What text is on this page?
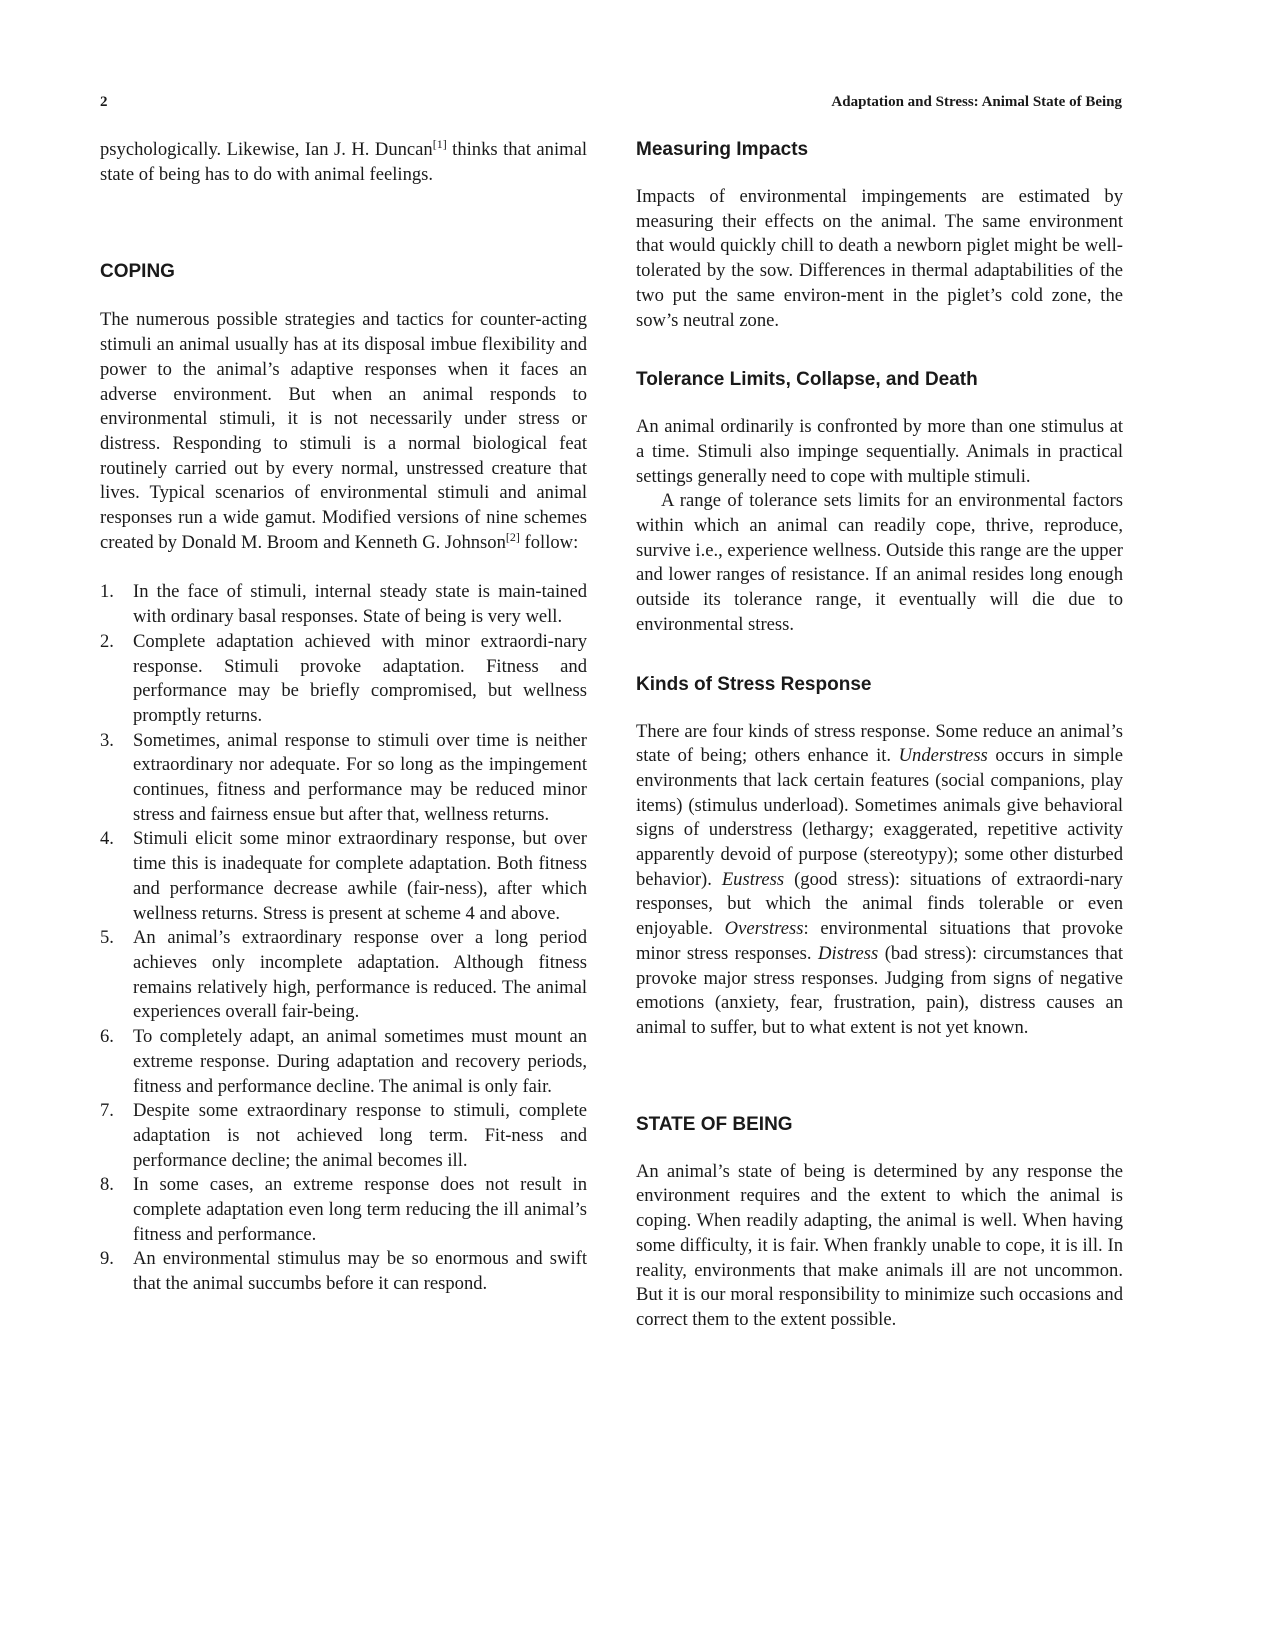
2	Adaptation and Stress: Animal State of Being

psychologically. Likewise, Ian J. H. Duncan[1] thinks that animal state of being has to do with animal feelings.

COPING

The numerous possible strategies and tactics for counter-acting stimuli an animal usually has at its disposal imbue flexibility and power to the animal’s adaptive responses when it faces an adverse environment. But when an animal responds to environmental stimuli, it is not necessarily under stress or distress. Responding to stimuli is a normal biological feat routinely carried out by every normal, unstressed creature that lives. Typical scenarios of environmental stimuli and animal responses run a wide gamut. Modified versions of nine schemes created by Donald M. Broom and Kenneth G. Johnson[2] follow:

1. In the face of stimuli, internal steady state is main-tained with ordinary basal responses. State of being is very well.
2. Complete adaptation achieved with minor extraordi-nary response. Stimuli provoke adaptation. Fitness and performance may be briefly compromised, but wellness promptly returns.
3. Sometimes, animal response to stimuli over time is neither extraordinary nor adequate. For so long as the impingement continues, fitness and performance may be reduced minor stress and fairness ensue but after that, wellness returns.
4. Stimuli elicit some minor extraordinary response, but over time this is inadequate for complete adaptation. Both fitness and performance decrease awhile (fair-ness), after which wellness returns. Stress is present at scheme 4 and above.
5. An animal’s extraordinary response over a long period achieves only incomplete adaptation. Although fitness remains relatively high, performance is reduced. The animal experiences overall fair-being.
6. To completely adapt, an animal sometimes must mount an extreme response. During adaptation and recovery periods, fitness and performance decline. The animal is only fair.
7. Despite some extraordinary response to stimuli, complete adaptation is not achieved long term. Fit-ness and performance decline; the animal becomes ill.
8. In some cases, an extreme response does not result in complete adaptation even long term reducing the ill animal’s fitness and performance.
9. An environmental stimulus may be so enormous and swift that the animal succumbs before it can respond.
Measuring Impacts

Impacts of environmental impingements are estimated by measuring their effects on the animal. The same environment that would quickly chill to death a newborn piglet might be well-tolerated by the sow. Differences in thermal adaptabilities of the two put the same environ-ment in the piglet’s cold zone, the sow’s neutral zone.

Tolerance Limits, Collapse, and Death

An animal ordinarily is confronted by more than one stimulus at a time. Stimuli also impinge sequentially. Animals in practical settings generally need to cope with multiple stimuli.

A range of tolerance sets limits for an environmental factors within which an animal can readily cope, thrive, reproduce, survive i.e., experience wellness. Outside this range are the upper and lower ranges of resistance. If an animal resides long enough outside its tolerance range, it eventually will die due to environmental stress.

Kinds of Stress Response

There are four kinds of stress response. Some reduce an animal’s state of being; others enhance it. Understress occurs in simple environments that lack certain features (social companions, play items) (stimulus underload). Sometimes animals give behavioral signs of understress (lethargy; exaggerated, repetitive activity apparently devoid of purpose (stereotypy); some other disturbed behavior). Eustress (good stress): situations of extraordi-nary responses, but which the animal finds tolerable or even enjoyable. Overstress: environmental situations that provoke minor stress responses. Distress (bad stress): circumstances that provoke major stress responses. Judging from signs of negative emotions (anxiety, fear, frustration, pain), distress causes an animal to suffer, but to what extent is not yet known.

STATE OF BEING

An animal’s state of being is determined by any response the environment requires and the extent to which the animal is coping. When readily adapting, the animal is well. When having some difficulty, it is fair. When frankly unable to cope, it is ill. In reality, environments that make animals ill are not uncommon. But it is our moral responsibility to minimize such occasions and correct them to the extent possible.
